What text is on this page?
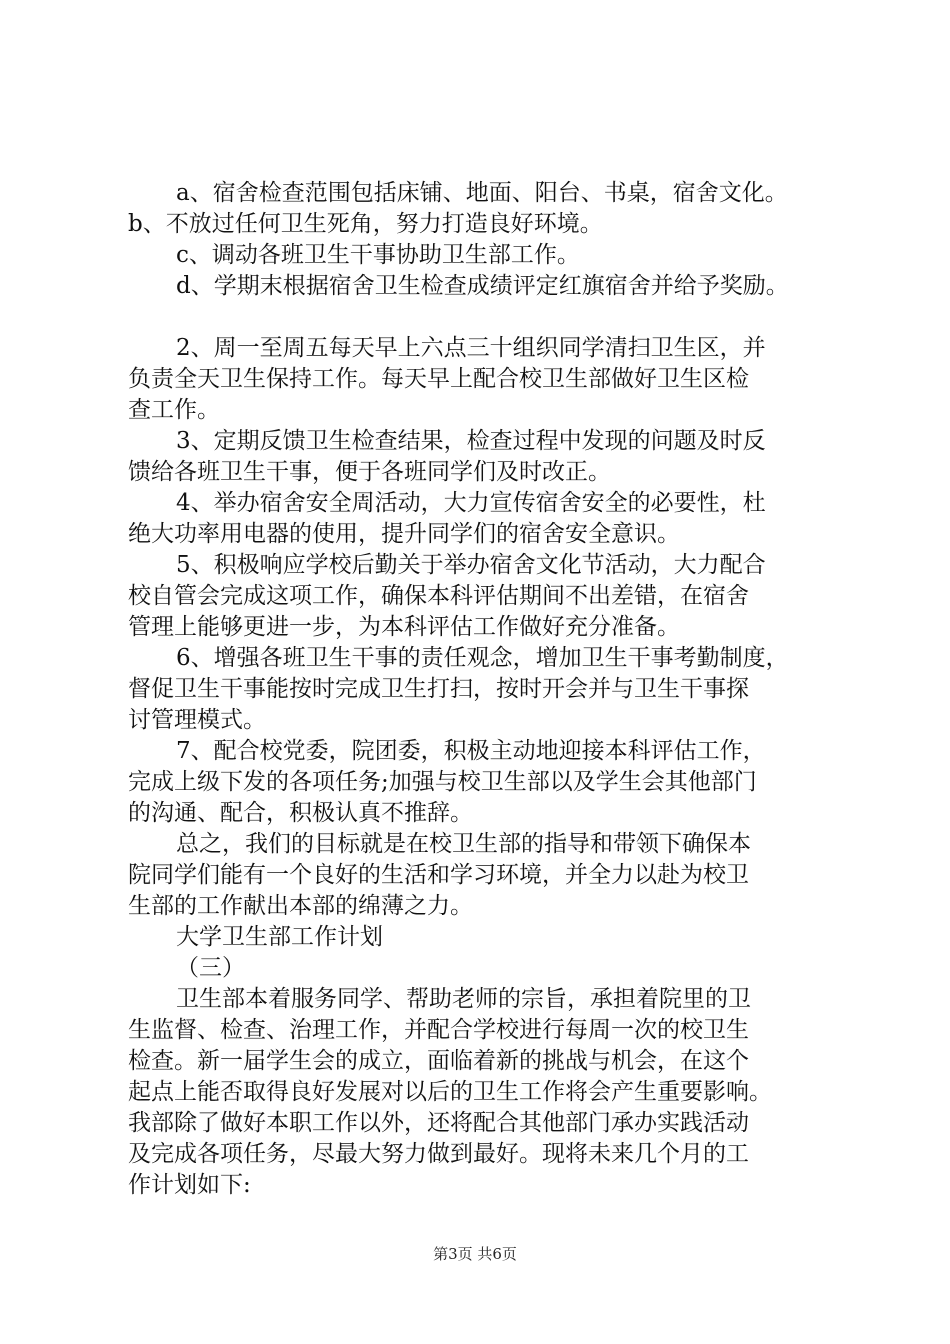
a、宿舍检查范围包括床铺、地面、阳台、书桌，宿舍文化。
b、不放过任何卫生死角，努力打造良好环境。
c、调动各班卫生干事协助卫生部工作。
d、学期末根据宿舍卫生检查成绩评定红旗宿舍并给予奖励。
2、周一至周五每天早上六点三十组织同学清扫卫生区，并
负责全天卫生保持工作。每天早上配合校卫生部做好卫生区检
查工作。
3、定期反馈卫生检查结果，检查过程中发现的问题及时反
馈给各班卫生干事，便于各班同学们及时改正。
4、举办宿舍安全周活动，大力宣传宿舍安全的必要性，杜
绝大功率用电器的使用，提升同学们的宿舍安全意识。
5、积极响应学校后勤关于举办宿舍文化节活动，大力配合
校自管会完成这项工作，确保本科评估期间不出差错，在宿舍
管理上能够更进一步，为本科评估工作做好充分准备。
6、增强各班卫生干事的责任观念，增加卫生干事考勤制度，
督促卫生干事能按时完成卫生打扫，按时开会并与卫生干事探
讨管理模式。
7、配合校党委，院团委，积极主动地迎接本科评估工作，
完成上级下发的各项任务;加强与校卫生部以及学生会其他部门
的沟通、配合，积极认真不推辞。
总之，我们的目标就是在校卫生部的指导和带领下确保本
院同学们能有一个良好的生活和学习环境，并全力以赴为校卫
生部的工作献出本部的绵薄之力。
大学卫生部工作计划
（三）
卫生部本着服务同学、帮助老师的宗旨，承担着院里的卫
生监督、检查、治理工作，并配合学校进行每周一次的校卫生
检查。新一届学生会的成立，面临着新的挑战与机会，在这个
起点上能否取得良好发展对以后的卫生工作将会产生重要影响。
我部除了做好本职工作以外，还将配合其他部门承办实践活动
及完成各项任务，尽最大努力做到最好。现将未来几个月的工
作计划如下:
第3页 共6页
